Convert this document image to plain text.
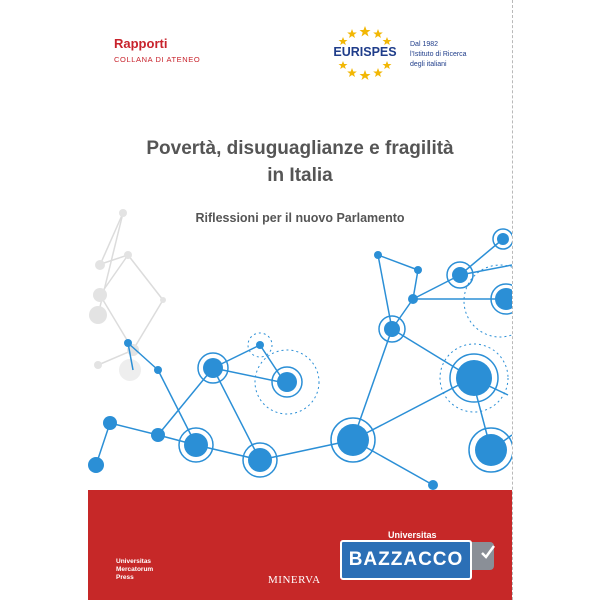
Rapporti
COLLANA DI ATENEO
EURISPES
Dal 1982
l'Istituto di Ricerca
degli italiani
Povertà, disuguaglianze e fragilità
in Italia
Riflessioni per il nuovo Parlamento
Universitas
Mercatorum
Press	MINERVA
Universitas
BAZZACCO
